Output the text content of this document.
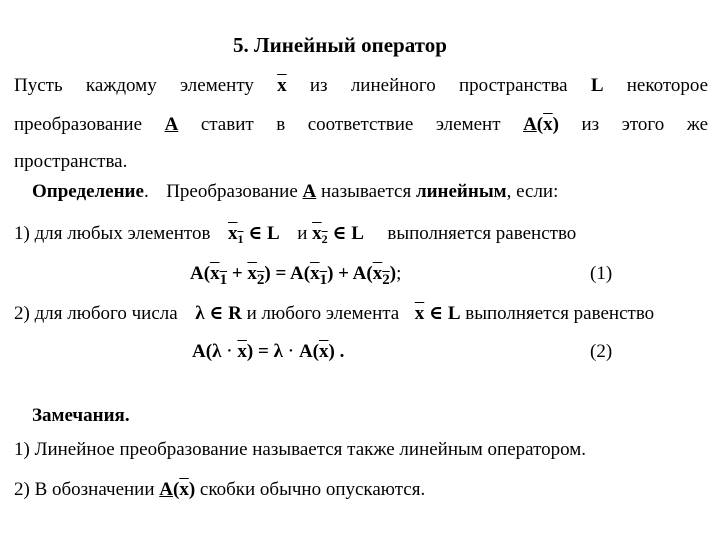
5. Линейный оператор
Пусть каждому элементу $\overline{x}$ из линейного пространства L некоторое
преобразование A ставит в соответствие элемент $A(\overline{x})$ из этого же
пространства.
Определение. Преобразование A называется линейным, если:
1) для любых элементов $x_1$ ∈ L и $x_2$ ∈ L выполняется равенство
$A(x_1 + x_2) = A(x_1) + A(x_2)$;	(1)
2) для любого числа λ ∈ R и любого элемента $\overline{x}$ ∈ L выполняется равенство
$A(\lambda \cdot \overline{x}) = \lambda \cdot A(\overline{x})$ .	(2)
Замечания.
1) Линейное преобразование называется также линейным оператором.
2) В обозначении $A(\overline{x})$ скобки обычно опускаются.
